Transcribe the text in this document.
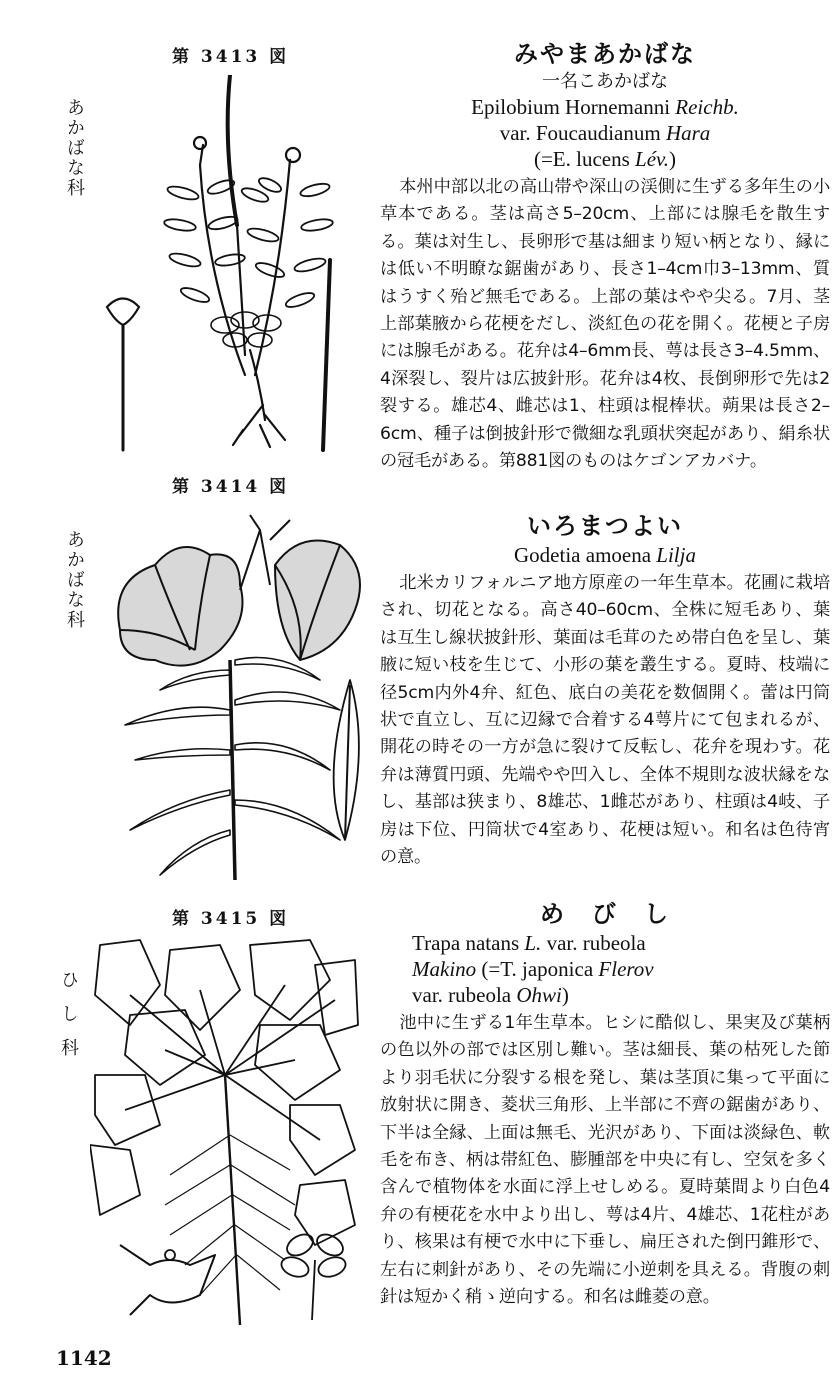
第 3413 図
あかばな科
みやまあかばな
一名こあかばな
Epilobium Hornemanni Reichb.
var. Foucaudianum Hara
(=E. lucens Lév.)
本州中部以北の高山帯や深山の渓側に生ずる多年生の小草本である。茎は高さ5–20cm、上部には腺毛を散生する。葉は対生し、長卵形で基は細まり短い柄となり、縁には低い不明瞭な鋸歯があり、長さ1–4cm巾3–13mm、質はうすく殆ど無毛である。上部の葉はやや尖る。7月、茎上部葉腋から花梗をだし、淡紅色の花を開く。花梗と子房には腺毛がある。花弁は4–6mm長、萼は長さ3–4.5mm、4深裂し、裂片は広披針形。花弁は4枚、長倒卵形で先は2裂する。雄芯4、雌芯は1、柱頭は棍棒状。蒴果は長さ2–6cm、種子は倒披針形で微細な乳頭状突起があり、絹糸状の冠毛がある。第881図のものはケゴンアカバナ。
第 3414 図
あかばな科
いろまつよい
Godetia amoena Lilja
北米カリフォルニア地方原産の一年生草本。花圃に栽培され、切花となる。高さ40–60cm、全株に短毛あり、葉は互生し線状披針形、葉面は毛茸のため帯白色を呈し、葉腋に短い枝を生じて、小形の葉を叢生する。夏時、枝端に径5cm内外4弁、紅色、底白の美花を数個開く。蕾は円筒状で直立し、互に辺縁で合着する4萼片にて包まれるが、開花の時その一方が急に裂けて反転し、花弁を現わす。花弁は薄質円頭、先端やや凹入し、全体不規則な波状縁をなし、基部は狭まり、8雄芯、1雌芯があり、柱頭は4岐、子房は下位、円筒状で4室あり、花梗は短い。和名は色待宵の意。
第 3415 図
ひし科
め　び　し
Trapa natans L. var. rubeola
Makino (=T. japonica Flerov
var. rubeola Ohwi)
池中に生ずる1年生草本。ヒシに酷似し、果実及び葉柄の色以外の部では区別し難い。茎は細長、葉の枯死した節より羽毛状に分裂する根を発し、葉は茎頂に集って平面に放射状に開き、菱状三角形、上半部に不齊の鋸歯があり、下半は全縁、上面は無毛、光沢があり、下面は淡緑色、軟毛を布き、柄は帯紅色、膨腫部を中央に有し、空気を多く含んで植物体を水面に浮上せしめる。夏時葉間より白色4弁の有梗花を水中より出し、萼は4片、4雄芯、1花柱があり、核果は有梗で水中に下垂し、扁圧された倒円錐形で、左右に刺針があり、その先端に小逆刺を具える。背腹の刺針は短かく稍ゝ逆向する。和名は雌菱の意。
1142
